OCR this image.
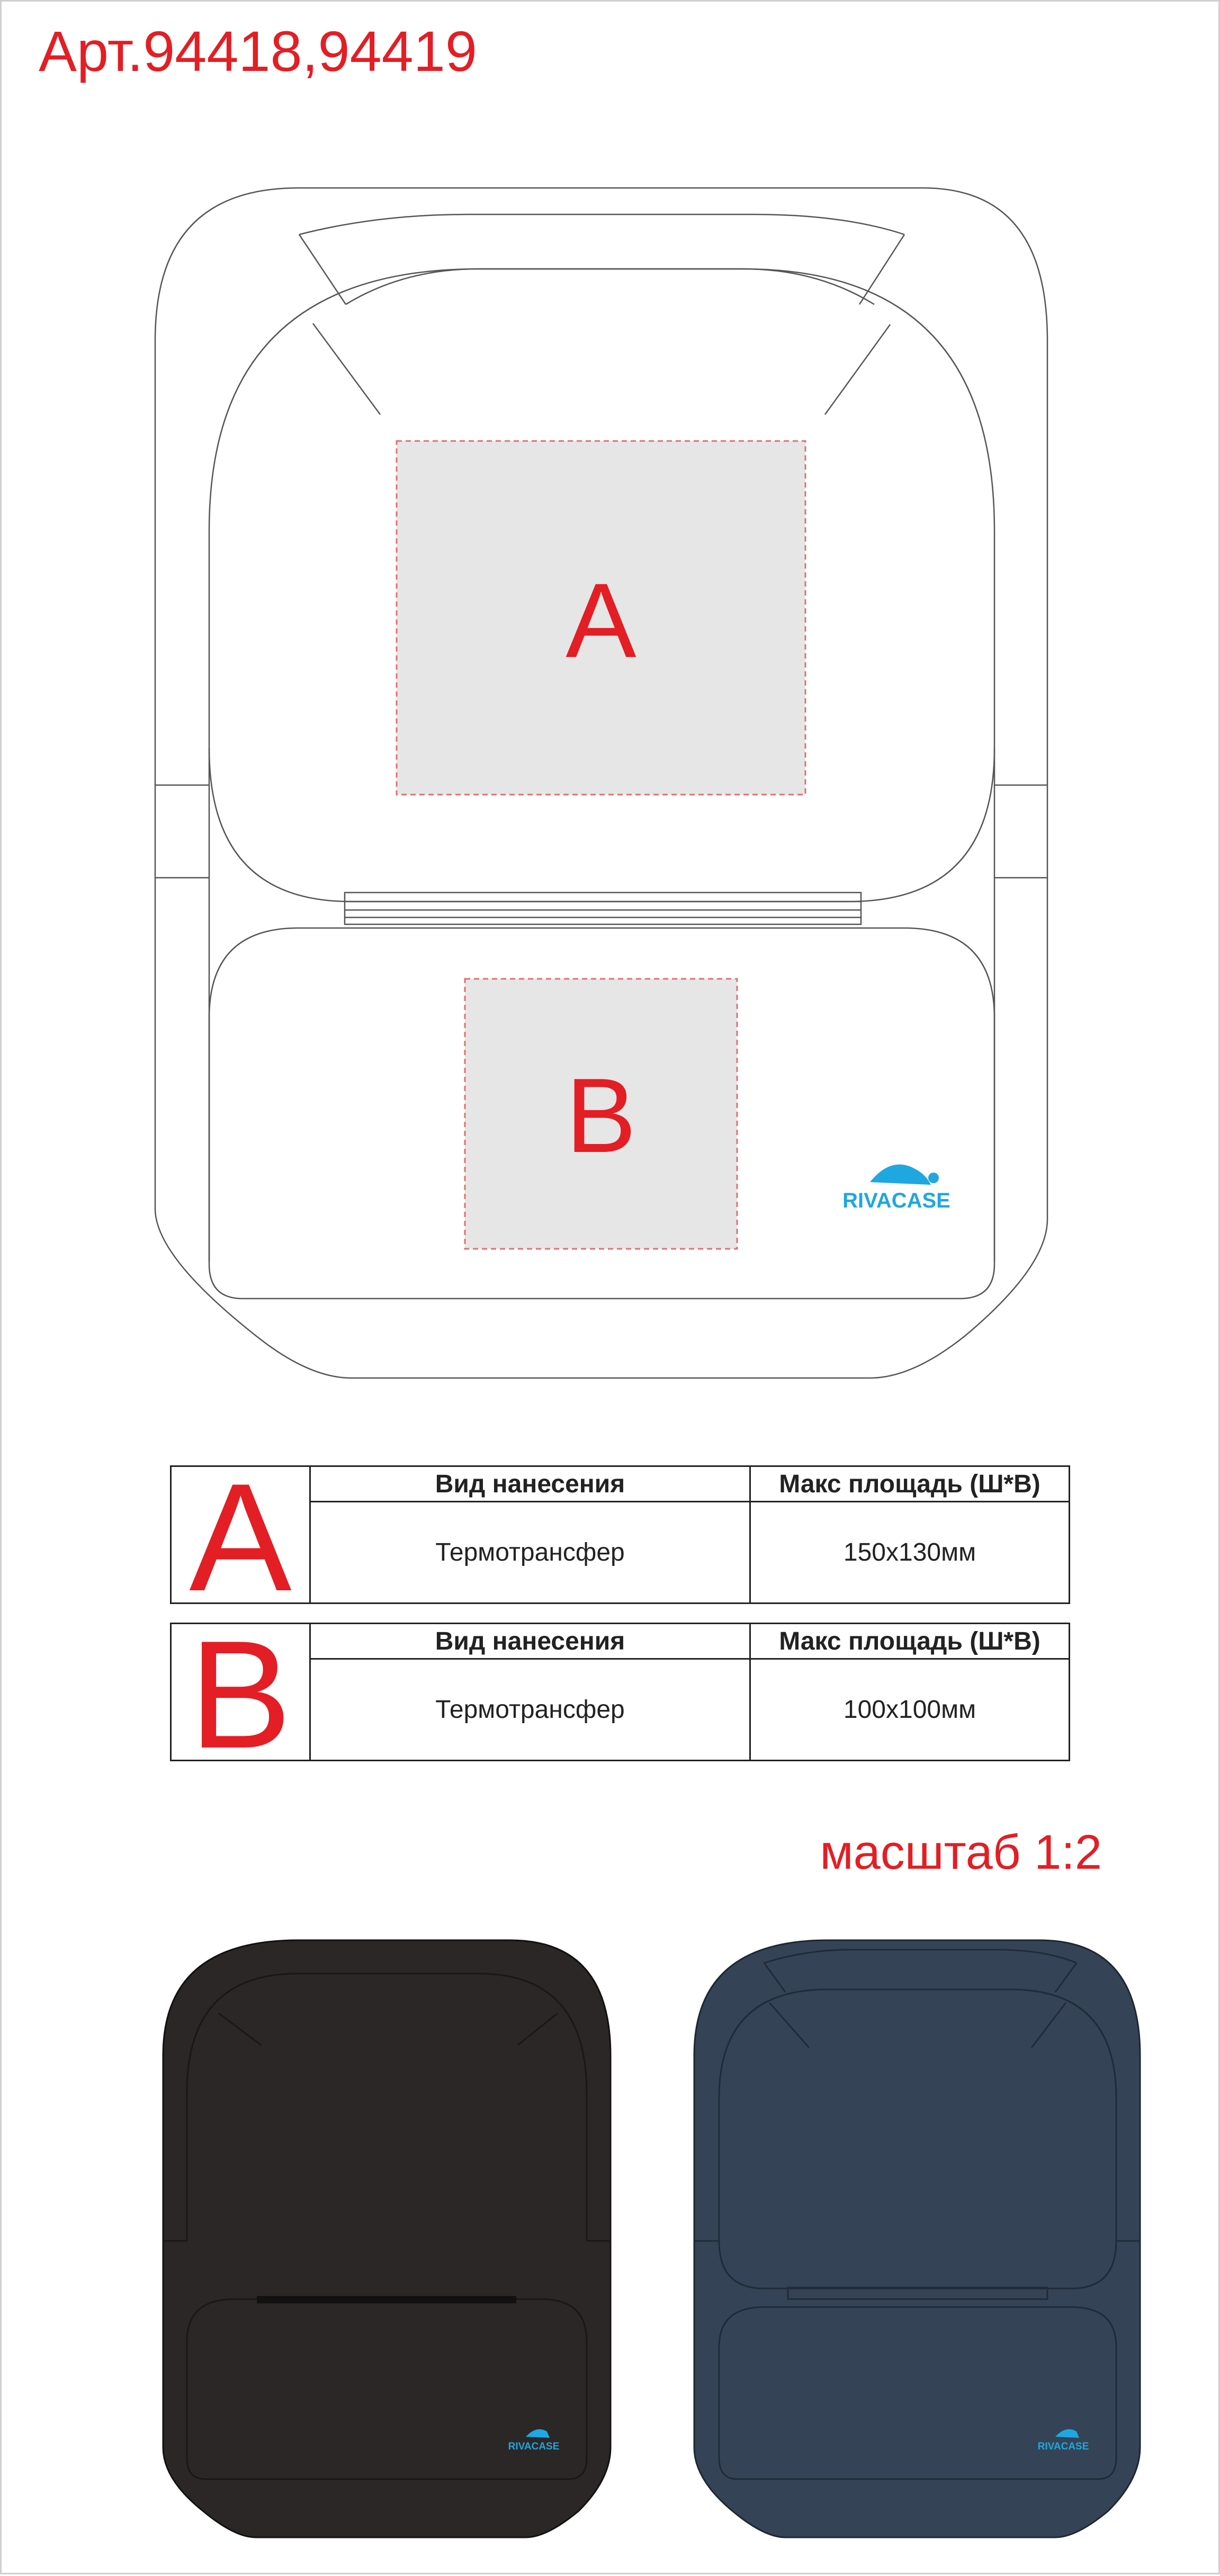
Арт.94418,94419
A
B
RIVACASE
RIVACASE	RIVACASE
A	Вид нанесения	Макс площадь (Ш*В)
Термотрансфер	150x130мм
B	Вид нанесения	Макс площадь (Ш*В)
Термотрансфер	100x100мм
масштаб 1:2
